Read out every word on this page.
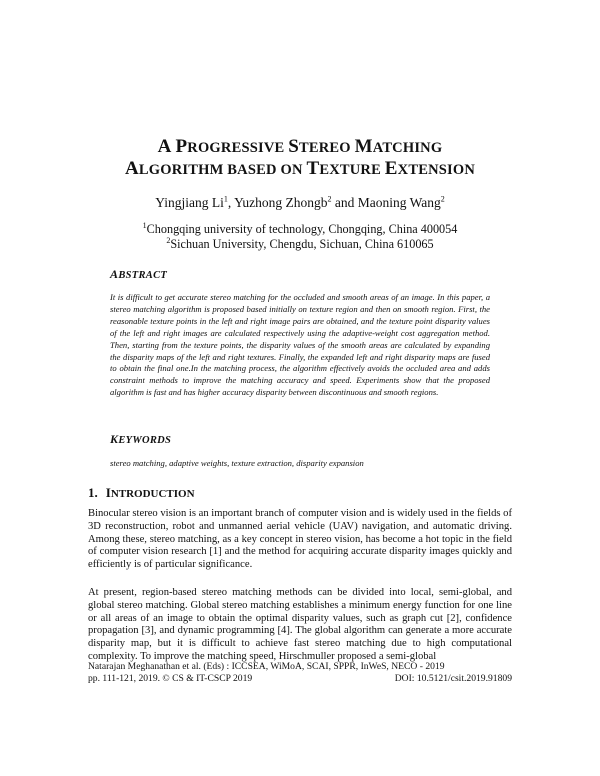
A PROGRESSIVE STEREO MATCHING
ALGORITHM BASED ON TEXTURE EXTENSION
Yingjiang Li$^1$, Yuzhong Zhongb$^2$ and Maoning Wang$^2$
$^1$Chongqing university of technology, Chongqing, China 400054
$^2$Sichuan University, Chengdu, Sichuan, China 610065
ABSTRACT
It is difficult to get accurate stereo matching for the occluded and smooth areas of an image. In this paper, a stereo matching algorithm is proposed based initially on texture region and then on smooth region. First, the reasonable texture points in the left and right image pairs are obtained, and the texture point disparity values of the left and right images are calculated respectively using the adaptive-weight cost aggregation method. Then, starting from the texture points, the disparity values of the smooth areas are calculated by expanding the disparity maps of the left and right textures. Finally, the expanded left and right disparity maps are fused to obtain the final one.In the matching process, the algorithm effectively avoids the occluded area and adds constraint methods to improve the matching accuracy and speed. Experiments show that the proposed algorithm is fast and has higher accuracy disparity between discontinuous and smooth regions.
KEYWORDS
stereo matching, adaptive weights, texture extraction, disparity expansion
1. INTRODUCTION
Binocular stereo vision is an important branch of computer vision and is widely used in the fields of 3D reconstruction, robot and unmanned aerial vehicle (UAV) navigation, and automatic driving. Among these, stereo matching, as a key concept in stereo vision, has become a hot topic in the field of computer vision research [1] and the method for acquiring accurate disparity images quickly and efficiently is of particular significance.
At present, region-based stereo matching methods can be divided into local, semi-global, and global stereo matching. Global stereo matching establishes a minimum energy function for one line or all areas of an image to obtain the optimal disparity values, such as graph cut [2], confidence propagation [3], and dynamic programming [4]. The global algorithm can generate a more accurate disparity map, but it is difficult to achieve fast stereo matching due to high computational complexity. To improve the matching speed, Hirschmuller proposed a semi-global
Natarajan Meghanathan et al. (Eds) : ICCSEA, WiMoA, SCAI, SPPR, InWeS, NECO - 2019
pp. 111-121, 2019. © CS & IT-CSCP 2019	DOI: 10.5121/csit.2019.91809
